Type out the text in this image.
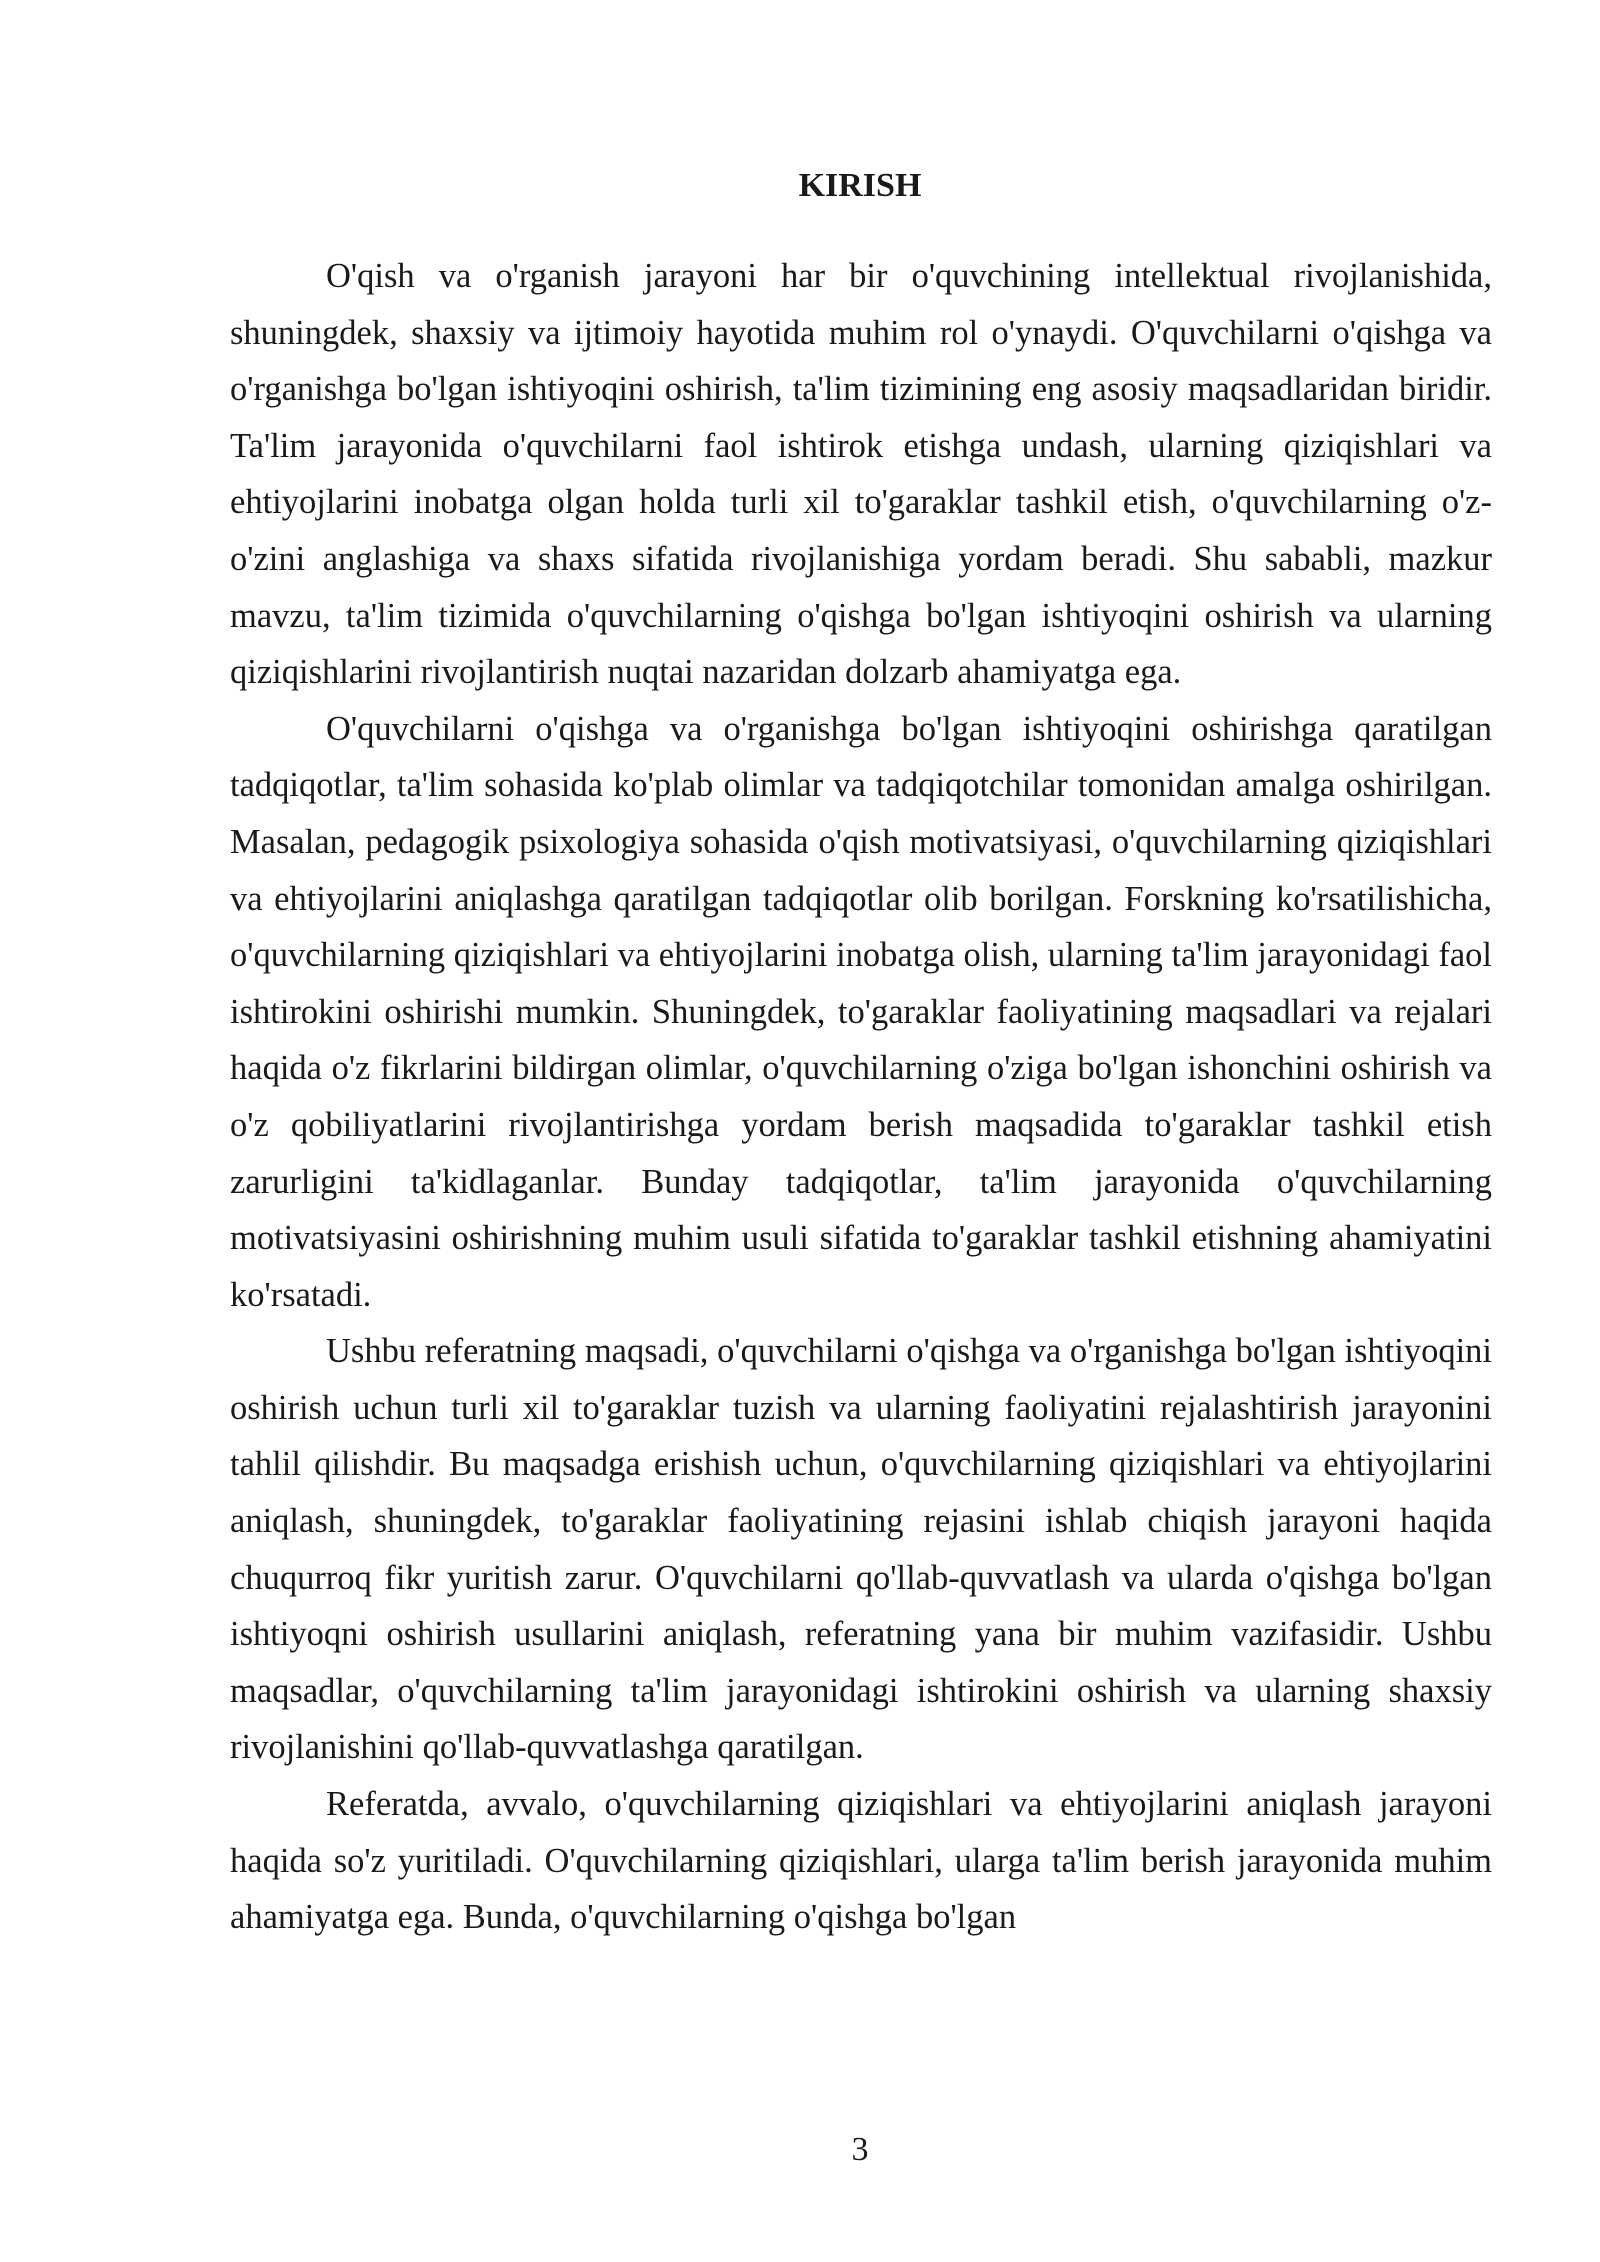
KIRISH

O'qish va o'rganish jarayoni har bir o'quvchining intellektual rivojlanishida, shuningdek, shaxsiy va ijtimoiy hayotida muhim rol o'ynaydi. O'quvchilarni o'qishga va o'rganishga bo'lgan ishtiyoqini oshirish, ta'lim tizimining eng asosiy maqsadlaridan biridir. Ta'lim jarayonida o'quvchilarni faol ishtirok etishga undash, ularning qiziqishlari va ehtiyojlarini inobatga olgan holda turli xil to'garaklar tashkil etish, o'quvchilarning o'z-o'zini anglashiga va shaxs sifatida rivojlanishiga yordam beradi. Shu sababli, mazkur mavzu, ta'lim tizimida o'quvchilarning o'qishga bo'lgan ishtiyoqini oshirish va ularning qiziqishlarini rivojlantirish nuqtai nazaridan dolzarb ahamiyatga ega.

O'quvchilarni o'qishga va o'rganishga bo'lgan ishtiyoqini oshirishga qaratilgan tadqiqotlar, ta'lim sohasida ko'plab olimlar va tadqiqotchilar tomonidan amalga oshirilgan. Masalan, pedagogik psixologiya sohasida o'qish motivatsiyasi, o'quvchilarning qiziqishlari va ehtiyojlarini aniqlashga qaratilgan tadqiqotlar olib borilgan. Forskning ko'rsatilishicha, o'quvchilarning qiziqishlari va ehtiyojlarini inobatga olish, ularning ta'lim jarayonidagi faol ishtirokini oshirishi mumkin. Shuningdek, to'garaklar faoliyatining maqsadlari va rejalari haqida o'z fikrlarini bildirgan olimlar, o'quvchilarning o'ziga bo'lgan ishonchini oshirish va o'z qobiliyatlarini rivojlantirishga yordam berish maqsadida to'garaklar tashkil etish zarurligini ta'kidlaganlar. Bunday tadqiqotlar, ta'lim jarayonida o'quvchilarning motivatsiyasini oshirishning muhim usuli sifatida to'garaklar tashkil etishning ahamiyatini ko'rsatadi.

Ushbu referatning maqsadi, o'quvchilarni o'qishga va o'rganishga bo'lgan ishtiyoqini oshirish uchun turli xil to'garaklar tuzish va ularning faoliyatini rejalashtirish jarayonini tahlil qilishdir. Bu maqsadga erishish uchun, o'quvchilarning qiziqishlari va ehtiyojlarini aniqlash, shuningdek, to'garaklar faoliyatining rejasini ishlab chiqish jarayoni haqida chuqurroq fikr yuritish zarur. O'quvchilarni qo'llab-quvvatlash va ularda o'qishga bo'lgan ishtiyoqni oshirish usullarini aniqlash, referatning yana bir muhim vazifasidir. Ushbu maqsadlar, o'quvchilarning ta'lim jarayonidagi ishtirokini oshirish va ularning shaxsiy rivojlanishini qo'llab-quvvatlashga qaratilgan.

Referatda, avvalo, o'quvchilarning qiziqishlari va ehtiyojlarini aniqlash jarayoni haqida so'z yuritiladi. O'quvchilarning qiziqishlari, ularga ta'lim berish jarayonida muhim ahamiyatga ega. Bunda, o'quvchilarning o'qishga bo'lgan

3
